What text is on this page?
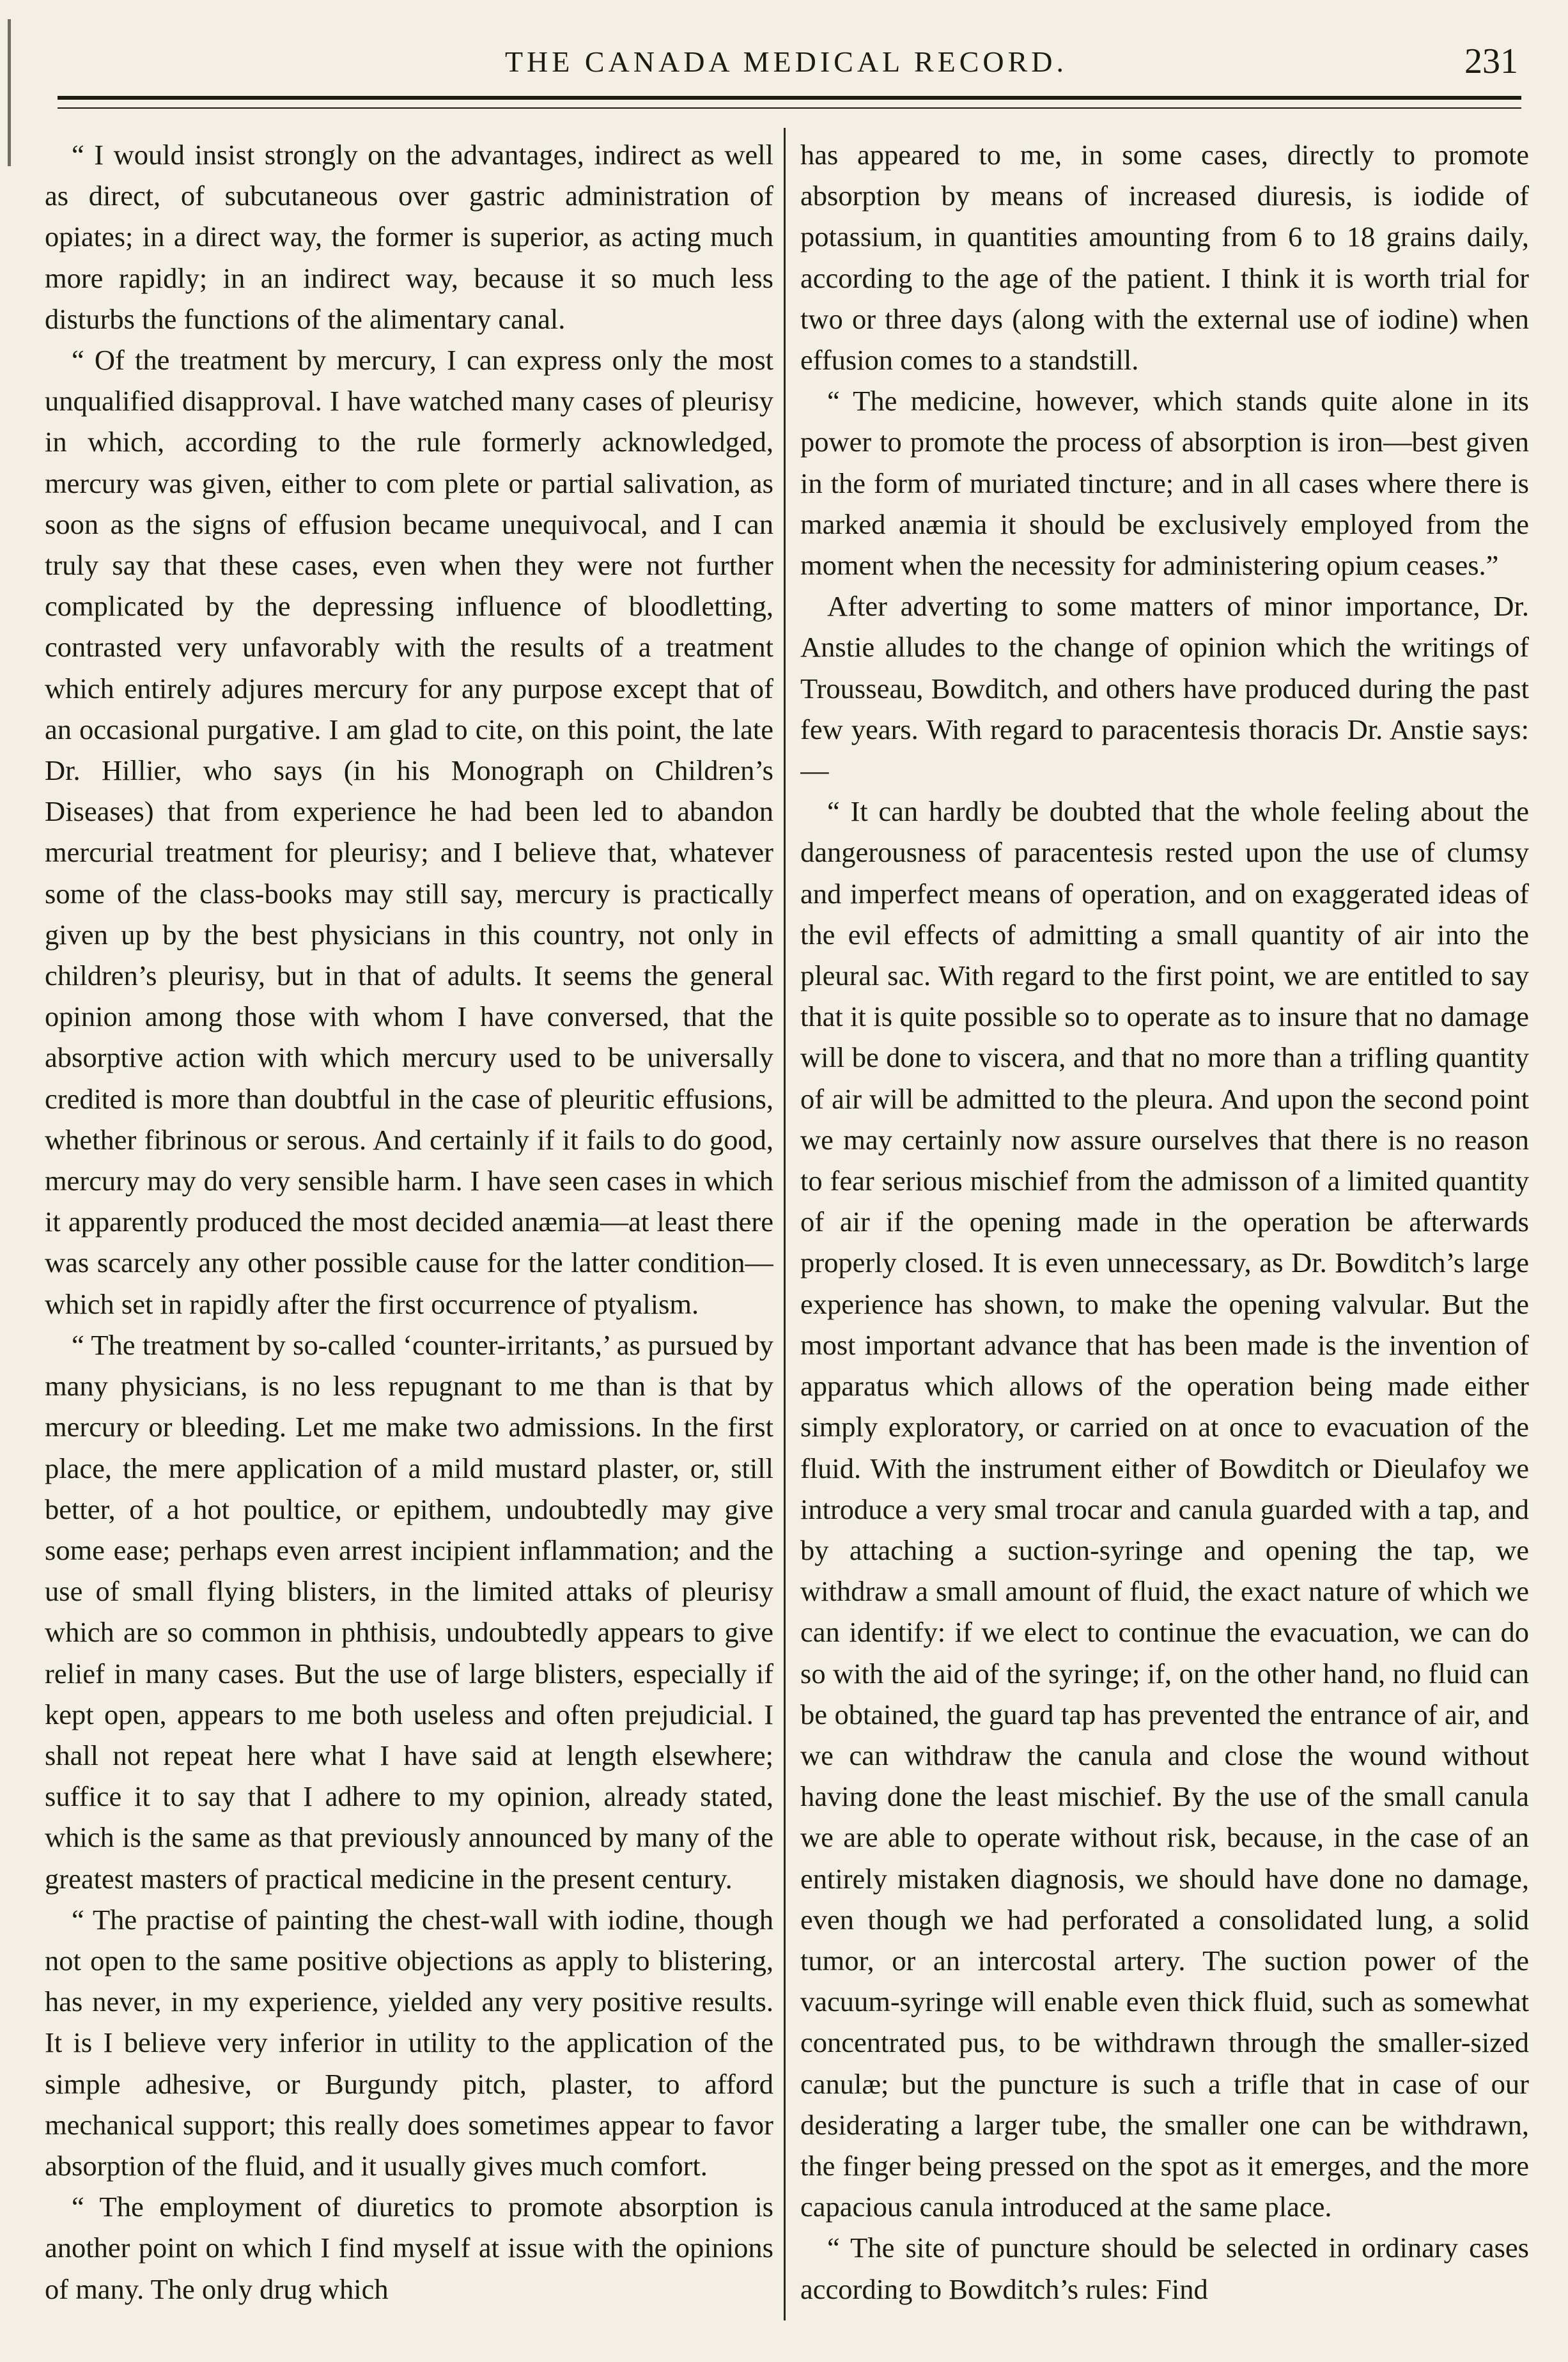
THE CANADA MEDICAL RECORD.	231

“ I would insist strongly on the advantages, indirect as well as direct, of subcutaneous over gastric administration of opiates; in a direct way, the former is superior, as acting much more rapidly; in an indirect way, because it so much less disturbs the functions of the alimentary canal.

“ Of the treatment by mercury, I can express only the most unqualified disapproval. I have watched many cases of pleurisy in which, according to the rule formerly acknowledged, mercury was given, either to com plete or partial salivation, as soon as the signs of effusion became unequivocal, and I can truly say that these cases, even when they were not further complicated by the depressing influence of bloodletting, contrasted very unfavorably with the results of a treatment which entirely adjures mercury for any purpose except that of an occasional purgative. I am glad to cite, on this point, the late Dr. Hillier, who says (in his Monograph on Children’s Diseases) that from experience he had been led to abandon mercurial treatment for pleurisy; and I believe that, whatever some of the class-books may still say, mercury is practically given up by the best physicians in this country, not only in children’s pleurisy, but in that of adults. It seems the general opinion among those with whom I have conversed, that the absorptive action with which mercury used to be universally credited is more than doubtful in the case of pleuritic effusions, whether fibrinous or serous. And certainly if it fails to do good, mercury may do very sensible harm. I have seen cases in which it apparently produced the most decided anæmia—at least there was scarcely any other possible cause for the latter condition—which set in rapidly after the first occurrence of ptyalism.

“ The treatment by so-called ‘counter-irritants,’ as pursued by many physicians, is no less repugnant to me than is that by mercury or bleeding. Let me make two admissions. In the first place, the mere application of a mild mustard plaster, or, still better, of a hot poultice, or epithem, undoubtedly may give some ease; perhaps even arrest incipient inflammation; and the use of small flying blisters, in the limited attaks of pleurisy which are so common in phthisis, undoubtedly appears to give relief in many cases. But the use of large blisters, especially if kept open, appears to me both useless and often prejudicial. I shall not repeat here what I have said at length elsewhere; suffice it to say that I adhere to my opinion, already stated, which is the same as that previously announced by many of the greatest masters of practical medicine in the present century.

“ The practise of painting the chest-wall with iodine, though not open to the same positive objections as apply to blistering, has never, in my experience, yielded any very positive results. It is I believe very inferior in utility to the application of the simple adhesive, or Burgundy pitch, plaster, to afford mechanical support; this really does sometimes appear to favor absorption of the fluid, and it usually gives much comfort.

“ The employment of diuretics to promote absorption is another point on which I find myself at issue with the opinions of many. The only drug which

has appeared to me, in some cases, directly to promote absorption by means of increased diuresis, is iodide of potassium, in quantities amounting from 6 to 18 grains daily, according to the age of the patient. I think it is worth trial for two or three days (along with the external use of iodine) when effusion comes to a standstill.

“ The medicine, however, which stands quite alone in its power to promote the process of absorption is iron—best given in the form of muriated tincture; and in all cases where there is marked anæmia it should be exclusively employed from the moment when the necessity for administering opium ceases.”

After adverting to some matters of minor importance, Dr. Anstie alludes to the change of opinion which the writings of Trousseau, Bowditch, and others have produced during the past few years. With regard to paracentesis thoracis Dr. Anstie says:—

“ It can hardly be doubted that the whole feeling about the dangerousness of paracentesis rested upon the use of clumsy and imperfect means of operation, and on exaggerated ideas of the evil effects of admitting a small quantity of air into the pleural sac. With regard to the first point, we are entitled to say that it is quite possible so to operate as to insure that no damage will be done to viscera, and that no more than a trifling quantity of air will be admitted to the pleura. And upon the second point we may certainly now assure ourselves that there is no reason to fear serious mischief from the admisson of a limited quantity of air if the opening made in the operation be afterwards properly closed. It is even unnecessary, as Dr. Bowditch’s large experience has shown, to make the opening valvular. But the most important advance that has been made is the invention of apparatus which allows of the operation being made either simply exploratory, or carried on at once to evacuation of the fluid. With the instrument either of Bowditch or Dieulafoy we introduce a very smal trocar and canula guarded with a tap, and by attaching a suction-syringe and opening the tap, we withdraw a small amount of fluid, the exact nature of which we can identify: if we elect to continue the evacuation, we can do so with the aid of the syringe; if, on the other hand, no fluid can be obtained, the guard tap has prevented the entrance of air, and we can withdraw the canula and close the wound without having done the least mischief. By the use of the small canula we are able to operate without risk, because, in the case of an entirely mistaken diagnosis, we should have done no damage, even though we had perforated a consolidated lung, a solid tumor, or an intercostal artery. The suction power of the vacuum-syringe will enable even thick fluid, such as somewhat concentrated pus, to be withdrawn through the smaller-sized canulæ; but the puncture is such a trifle that in case of our desiderating a larger tube, the smaller one can be withdrawn, the finger being pressed on the spot as it emerges, and the more capacious canula introduced at the same place.

“ The site of puncture should be selected in ordinary cases according to Bowditch’s rules: Find
